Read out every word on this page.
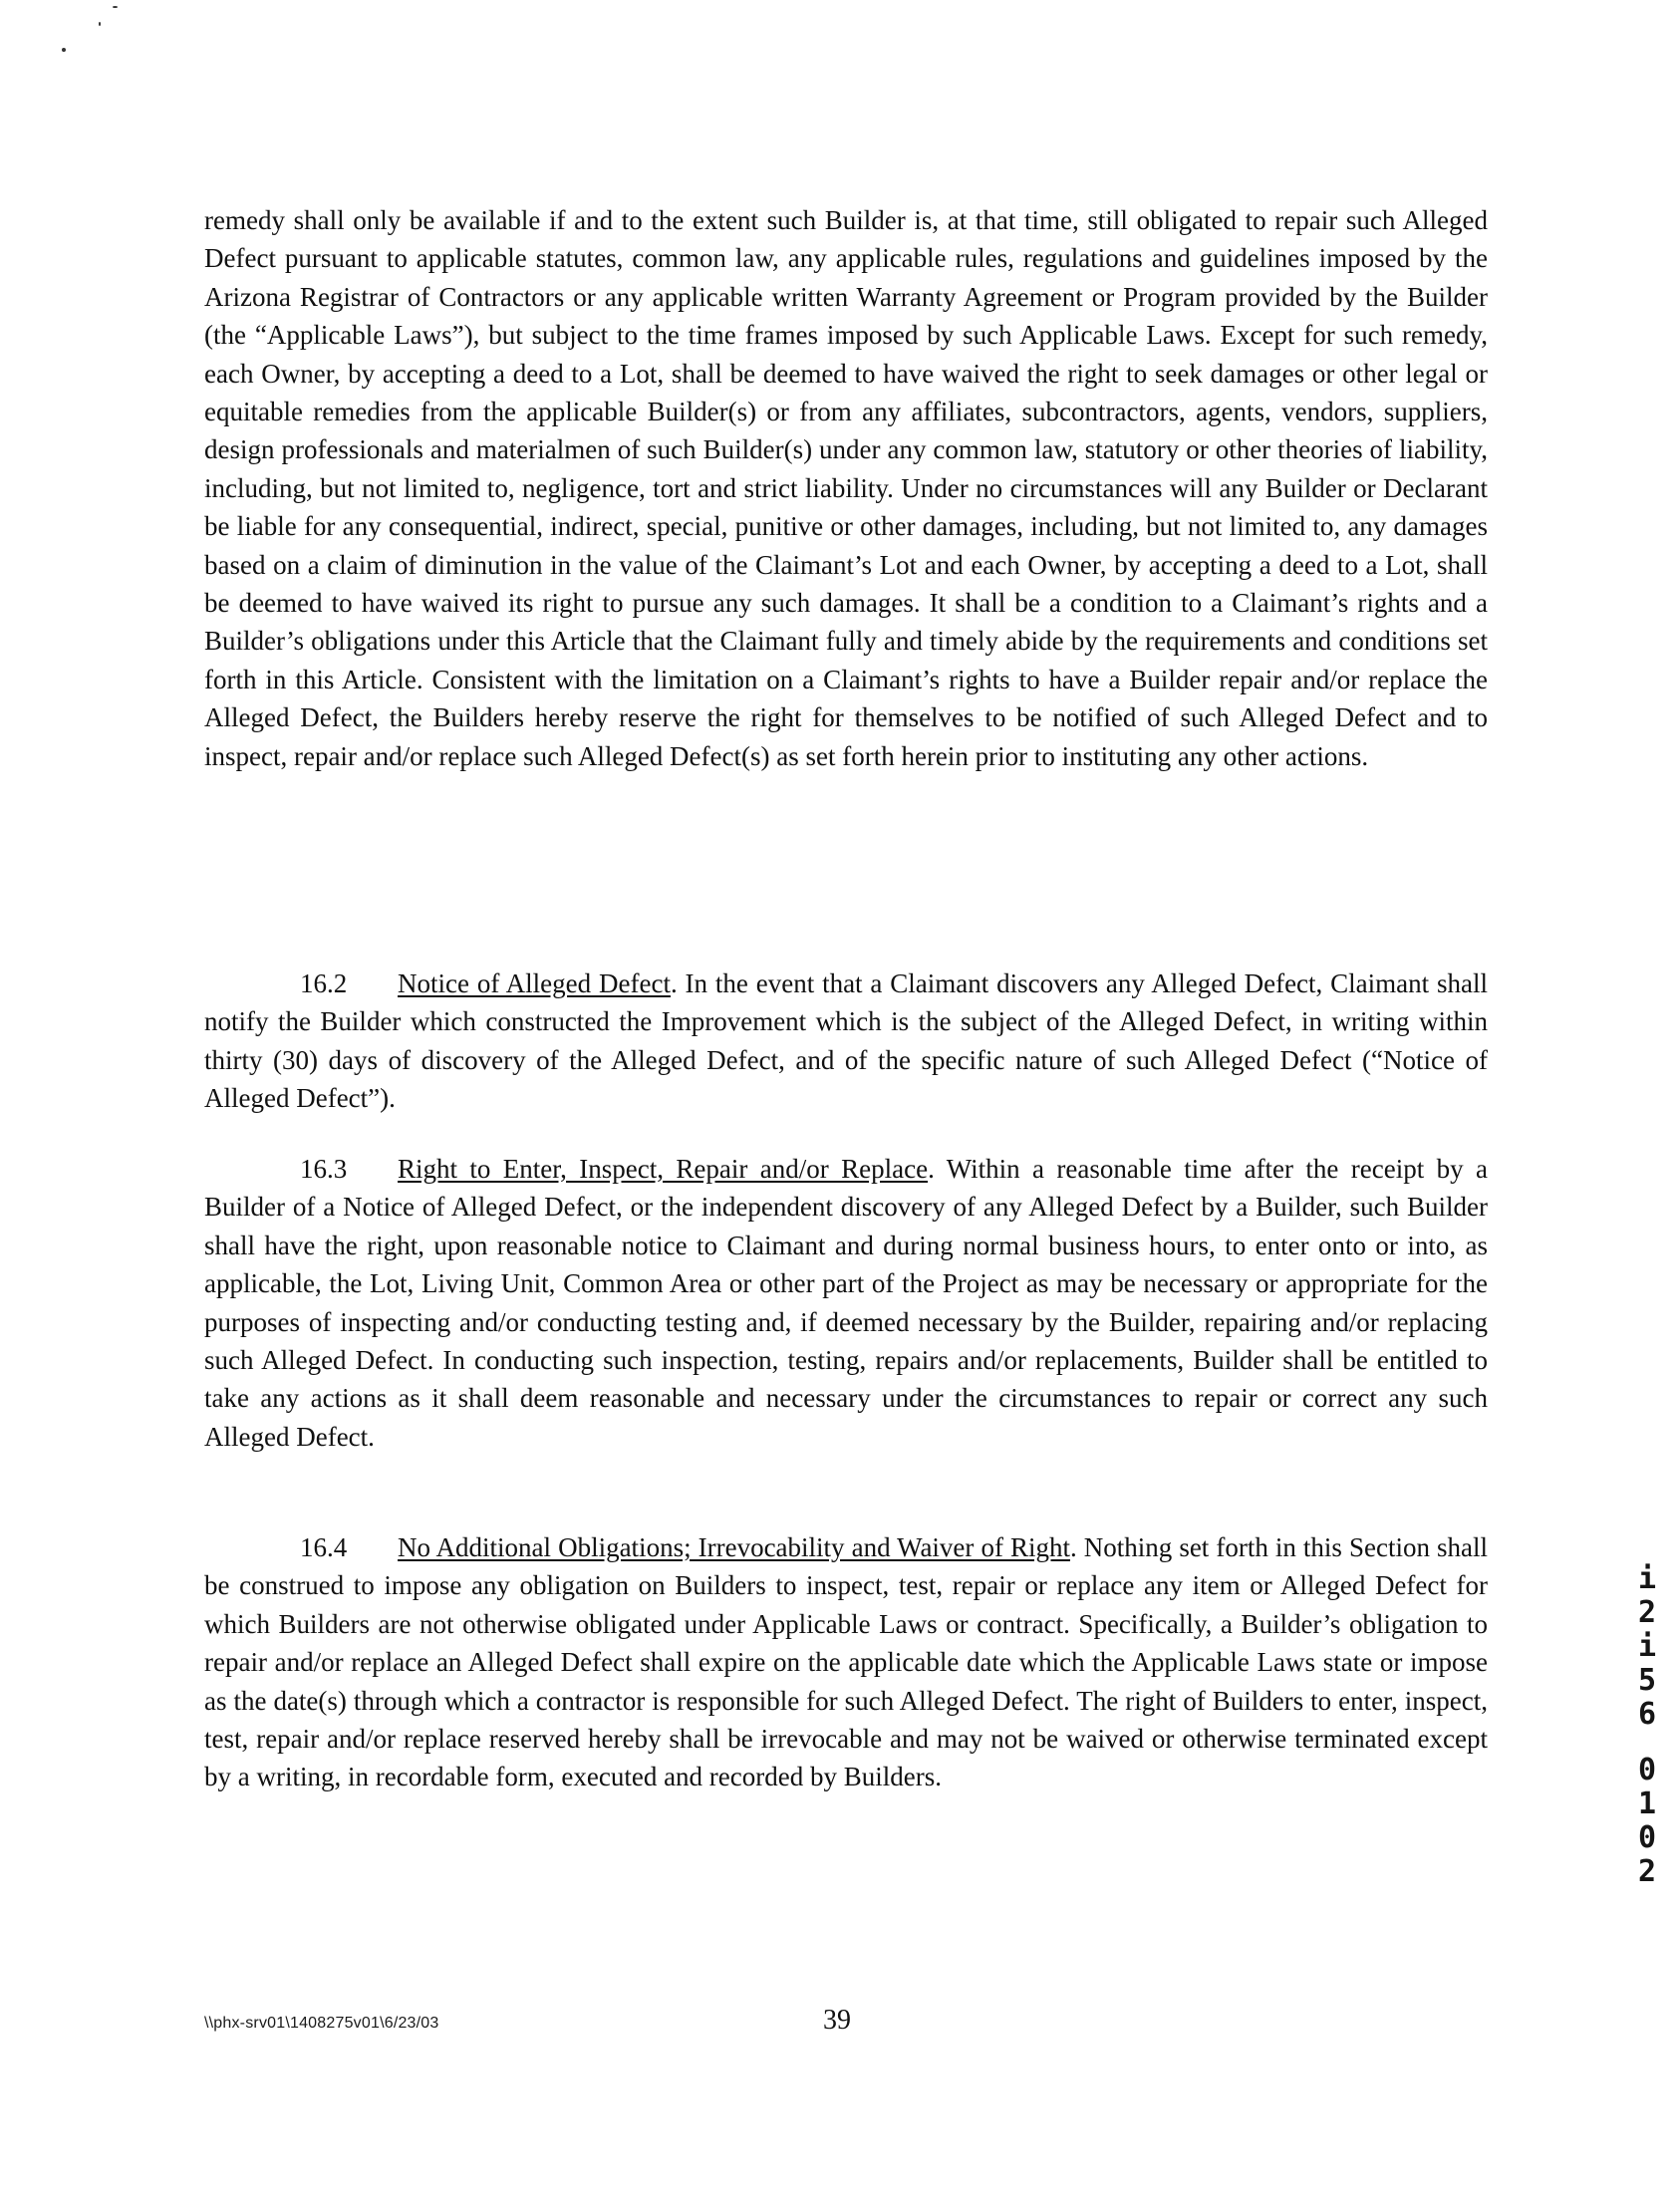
remedy shall only be available if and to the extent such Builder is, at that time, still obligated to repair such Alleged Defect pursuant to applicable statutes, common law, any applicable rules, regulations and guidelines imposed by the Arizona Registrar of Contractors or any applicable written Warranty Agreement or Program provided by the Builder (the “Applicable Laws”), but subject to the time frames imposed by such Applicable Laws. Except for such remedy, each Owner, by accepting a deed to a Lot, shall be deemed to have waived the right to seek damages or other legal or equitable remedies from the applicable Builder(s) or from any affiliates, subcontractors, agents, vendors, suppliers, design professionals and materialmen of such Builder(s) under any common law, statutory or other theories of liability, including, but not limited to, negligence, tort and strict liability. Under no circumstances will any Builder or Declarant be liable for any consequential, indirect, special, punitive or other damages, including, but not limited to, any damages based on a claim of diminution in the value of the Claimant’s Lot and each Owner, by accepting a deed to a Lot, shall be deemed to have waived its right to pursue any such damages. It shall be a condition to a Claimant’s rights and a Builder’s obligations under this Article that the Claimant fully and timely abide by the requirements and conditions set forth in this Article. Consistent with the limitation on a Claimant’s rights to have a Builder repair and/or replace the Alleged Defect, the Builders hereby reserve the right for themselves to be notified of such Alleged Defect and to inspect, repair and/or replace such Alleged Defect(s) as set forth herein prior to instituting any other actions.

16.2 Notice of Alleged Defect. In the event that a Claimant discovers any Alleged Defect, Claimant shall notify the Builder which constructed the Improvement which is the subject of the Alleged Defect, in writing within thirty (30) days of discovery of the Alleged Defect, and of the specific nature of such Alleged Defect (“Notice of Alleged Defect”).

16.3 Right to Enter, Inspect, Repair and/or Replace. Within a reasonable time after the receipt by a Builder of a Notice of Alleged Defect, or the independent discovery of any Alleged Defect by a Builder, such Builder shall have the right, upon reasonable notice to Claimant and during normal business hours, to enter onto or into, as applicable, the Lot, Living Unit, Common Area or other part of the Project as may be necessary or appropriate for the purposes of inspecting and/or conducting testing and, if deemed necessary by the Builder, repairing and/or replacing such Alleged Defect. In conducting such inspection, testing, repairs and/or replacements, Builder shall be entitled to take any actions as it shall deem reasonable and necessary under the circumstances to repair or correct any such Alleged Defect.

16.4 No Additional Obligations; Irrevocability and Waiver of Right. Nothing set forth in this Section shall be construed to impose any obligation on Builders to inspect, test, repair or replace any item or Alleged Defect for which Builders are not otherwise obligated under Applicable Laws or contract. Specifically, a Builder’s obligation to repair and/or replace an Alleged Defect shall expire on the applicable date which the Applicable Laws state or impose as the date(s) through which a contractor is responsible for such Alleged Defect. The right of Builders to enter, inspect, test, repair and/or replace reserved hereby shall be irrevocable and may not be waived or otherwise terminated except by a writing, in recordable form, executed and recorded by Builders.

i2i56
0102
\\phx-srv01\1408275v01\6/23/03	39
